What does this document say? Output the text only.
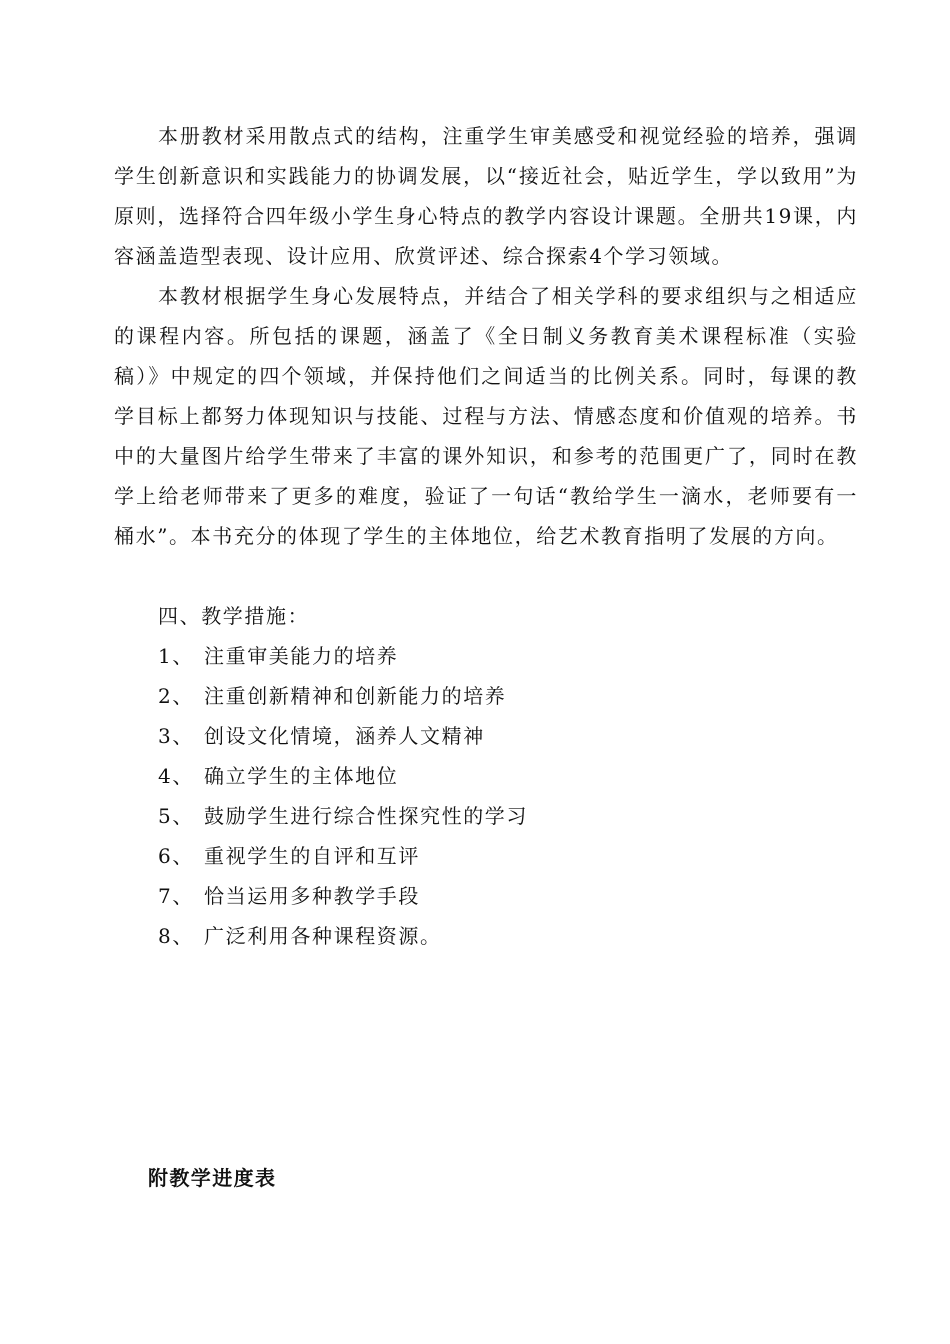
本册教材采用散点式的结构，注重学生审美感受和视觉经验的培养，强调学生创新意识和实践能力的协调发展，以“接近社会，贴近学生，学以致用”为原则，选择符合四年级小学生身心特点的教学内容设计课题。全册共19课，内容涵盖造型表现、设计应用、欣赏评述、综合探索4个学习领域。

本教材根据学生身心发展特点，并结合了相关学科的要求组织与之相适应的课程内容。所包括的课题，涵盖了《全日制义务教育美术课程标准（实验稿）》中规定的四个领域，并保持他们之间适当的比例关系。同时，每课的教学目标上都努力体现知识与技能、过程与方法、情感态度和价值观的培养。书中的大量图片给学生带来了丰富的课外知识，和参考的范围更广了，同时在教学上给老师带来了更多的难度，验证了一句话“教给学生一滴水，老师要有一桶水”。本书充分的体现了学生的主体地位，给艺术教育指明了发展的方向。

四、教学措施：

1、 注重审美能力的培养
2、 注重创新精神和创新能力的培养
3、 创设文化情境，涵养人文精神
4、 确立学生的主体地位
5、 鼓励学生进行综合性探究性的学习
6、 重视学生的自评和互评
7、 恰当运用多种教学手段
8、 广泛利用各种课程资源。

附教学进度表
